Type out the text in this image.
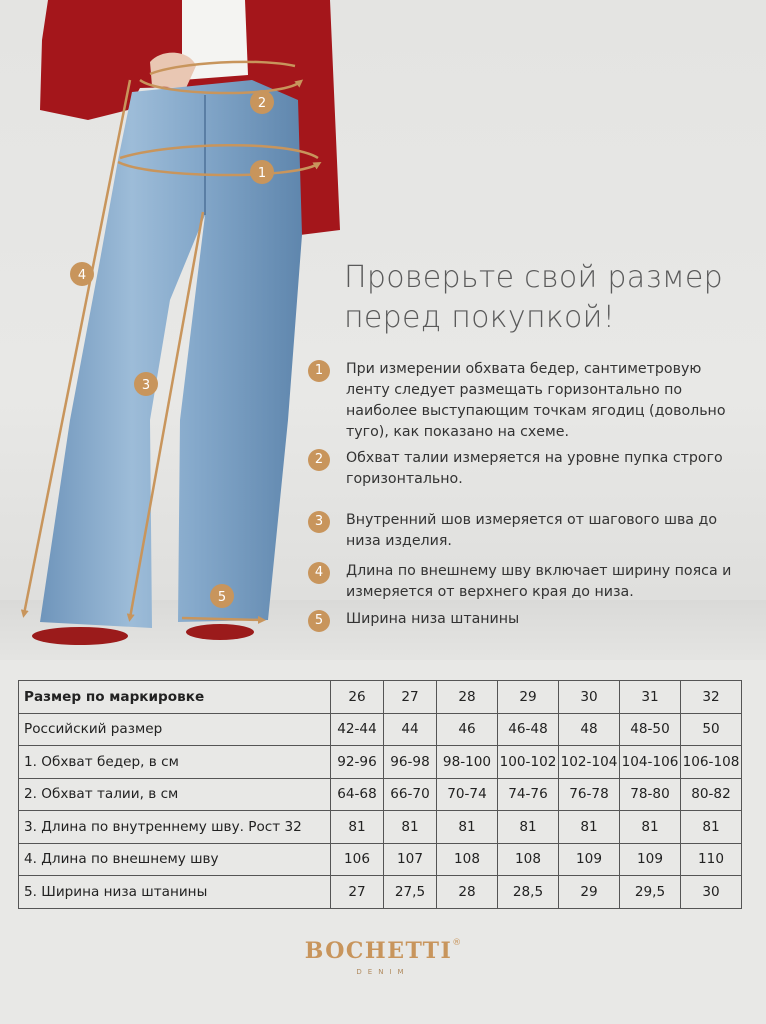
1
2
3
4
5
Проверьте свой размер
перед покупкой!
1	При измерении обхвата бедер, сантиметровую ленту следует размещать горизонтально по наиболее выступающим точкам ягодиц (довольно туго), как показано на схеме.
2	Обхват талии измеряется на уровне пупка строго горизонтально.
3	Внутренний шов измеряется от шагового шва до низа изделия.
4	Длина по внешнему шву включает ширину пояса и измеряется от верхнего края до низа.
5	Ширина низа штанины
Размер по маркировке	26	27	28	29	30	31	32
Российский размер	42-44	44	46	46-48	48	48-50	50
1. Обхват бедер, в см	92-96	96-98	98-100	100-102	102-104	104-106	106-108
2. Обхват талии, в см	64-68	66-70	70-74	74-76	76-78	78-80	80-82
3. Длина по внутреннему шву. Рост 32	81	81	81	81	81	81	81
4. Длина по внешнему шву	106	107	108	108	109	109	110
5. Ширина низа штанины	27	27,5	28	28,5	29	29,5	30
BOCHETTI®
DENIM
